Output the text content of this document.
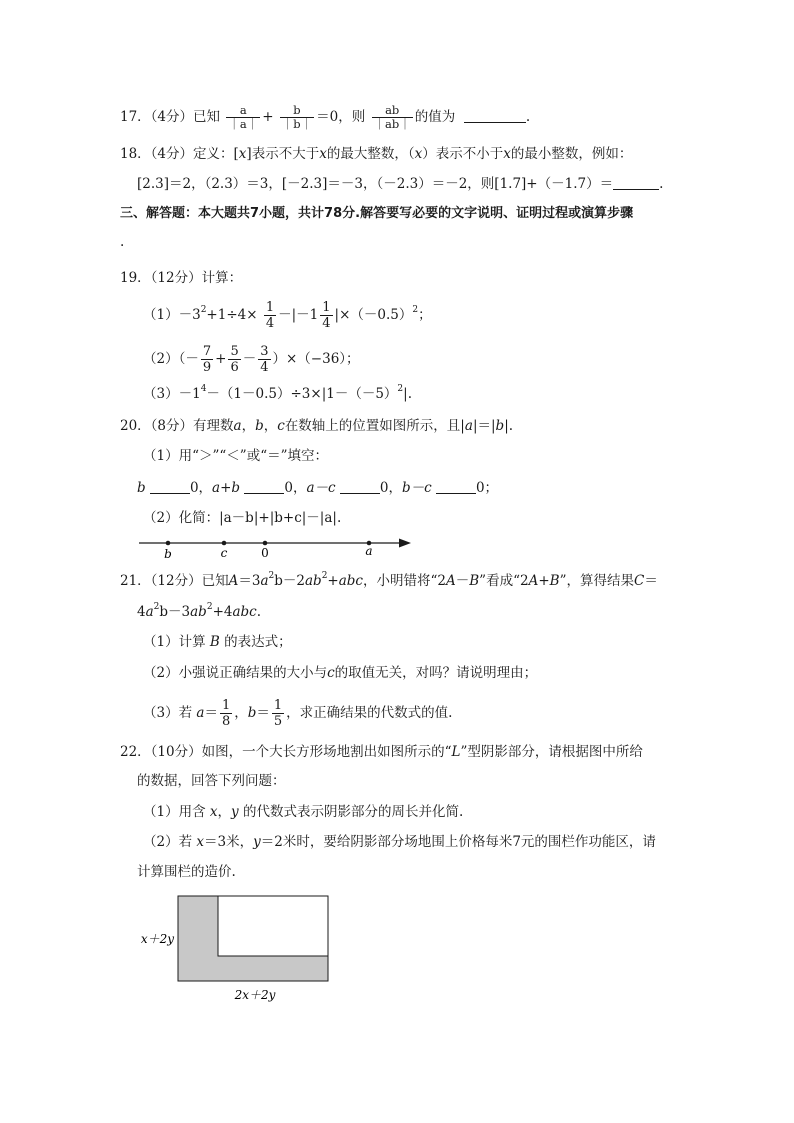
17．（4分）已知 $\frac{a}{|a|} + \frac{b}{|b|} =0$，则 $\frac{ab}{|ab|}$ 的值为	.
18．（4分）定义：[x]表示不大于x的最大整数，（x）表示不小于x的最小整数，例如：
[2.3]＝2，（2.3）＝3，[－2.3]＝－3，（－2.3）＝－2，则[1.7]+（－1.7）＝	.
三、解答题：本大题共7小题，共计78分.解答要写必要的文字说明、证明过程或演算步骤
.
19．（12分）计算：
$(1)-3^2+1\div 4\times \frac{1}{4} -|-1 \frac{1}{4} |\times(-0.5)^2$；
$(2)(- \frac{7}{9} + \frac{5}{6} - \frac{3}{4} )\times(-36)$；
$(3)-1^4-(1-0.5)\div 3\times|1-(-5)^2|$.
20．（8分）有理数a，b，c在数轴上的位置如图所示，且|a|＝|b|.
（1）用“＞”“＜”或“＝”填空：
b	0，a+b	0，a－c	0，b－c	0；
（2）化简：|a－b|+|b+c|－|a|.
b	c	0	a
21．（12分）已知$A=3a^2b-2ab^2+abc$，小明错将“2A－B”看成“2A+B”，算得结果C＝
$4a^2b-3ab^2+4abc$.
（1）计算 B 的表达式；
（2）小强说正确结果的大小与c的取值无关，对吗？请说明理由；
（3）若 $a= \frac{1}{8}$ ，$b= \frac{1}{5}$ ，求正确结果的代数式的值.
22．（10分）如图，一个大长方形场地割出如图所示的“L”型阴影部分，请根据图中所给
的数据，回答下列问题：
（1）用含 x，y 的代数式表示阴影部分的周长并化简.
（2）若 x＝3米，y＝2米时，要给阴影部分场地围上价格每米7元的围栏作功能区，请
计算围栏的造价.
x＋2y
2x＋2y
